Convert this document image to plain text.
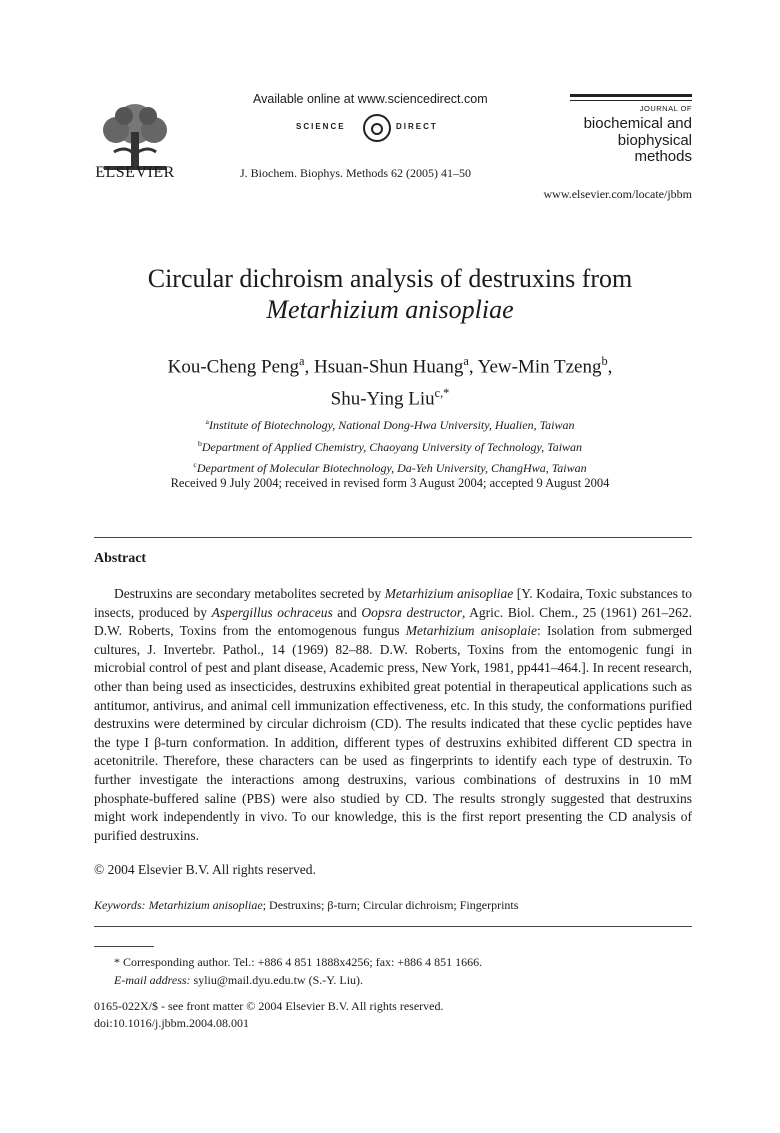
ELSEVIER
Available online at www.sciencedirect.com
SCIENCE	DIRECT
J. Biochem. Biophys. Methods 62 (2005) 41–50
JOURNAL OF
biochemical and
biophysical
methods
www.elsevier.com/locate/jbbm
Circular dichroism analysis of destruxins from
Metarhizium anisopliae
Kou-Cheng Peng$^a$, Hsuan-Shun Huang$^a$, Yew-Min Tzeng$^b$,
Shu-Ying Liu$^{c,*}$
$^a$Institute of Biotechnology, National Dong-Hwa University, Hualien, Taiwan
$^b$Department of Applied Chemistry, Chaoyang University of Technology, Taiwan
$^c$Department of Molecular Biotechnology, Da-Yeh University, ChangHwa, Taiwan
Received 9 July 2004; received in revised form 3 August 2004; accepted 9 August 2004
Abstract

Destruxins are secondary metabolites secreted by Metarhizium anisopliae [Y. Kodaira, Toxic substances to insects, produced by Aspergillus ochraceus and Oopsra destructor, Agric. Biol. Chem., 25 (1961) 261–262. D.W. Roberts, Toxins from the entomogenous fungus Metarhizium anisoplaie: Isolation from submerged cultures, J. Invertebr. Pathol., 14 (1969) 82–88. D.W. Roberts, Toxins from the entomogenic fungi in microbial control of pest and plant disease, Academic press, New York, 1981, pp441–464.]. In recent research, other than being used as insecticides, destruxins exhibited great potential in therapeutical applications such as antitumor, antivirus, and animal cell immunization effectiveness, etc. In this study, the conformations purified destruxins were determined by circular dichroism (CD). The results indicated that these cyclic peptides have the type I β-turn conformation. In addition, different types of destruxins exhibited different CD spectra in acetonitrile. Therefore, these characters can be used as fingerprints to identify each type of destruxin. To further investigate the interactions among destruxins, various combinations of destruxins in 10 mM phosphate-buffered saline (PBS) were also studied by CD. The results strongly suggested that destruxins might work independently in vivo. To our knowledge, this is the first report presenting the CD analysis of purified destruxins.

© 2004 Elsevier B.V. All rights reserved.
Keywords: Metarhizium anisopliae; Destruxins; β-turn; Circular dichroism; Fingerprints
* Corresponding author. Tel.: +886 4 851 1888x4256; fax: +886 4 851 1666.
E-mail address: syliu@mail.dyu.edu.tw (S.-Y. Liu).
0165-022X/$ - see front matter © 2004 Elsevier B.V. All rights reserved.
doi:10.1016/j.jbbm.2004.08.001
